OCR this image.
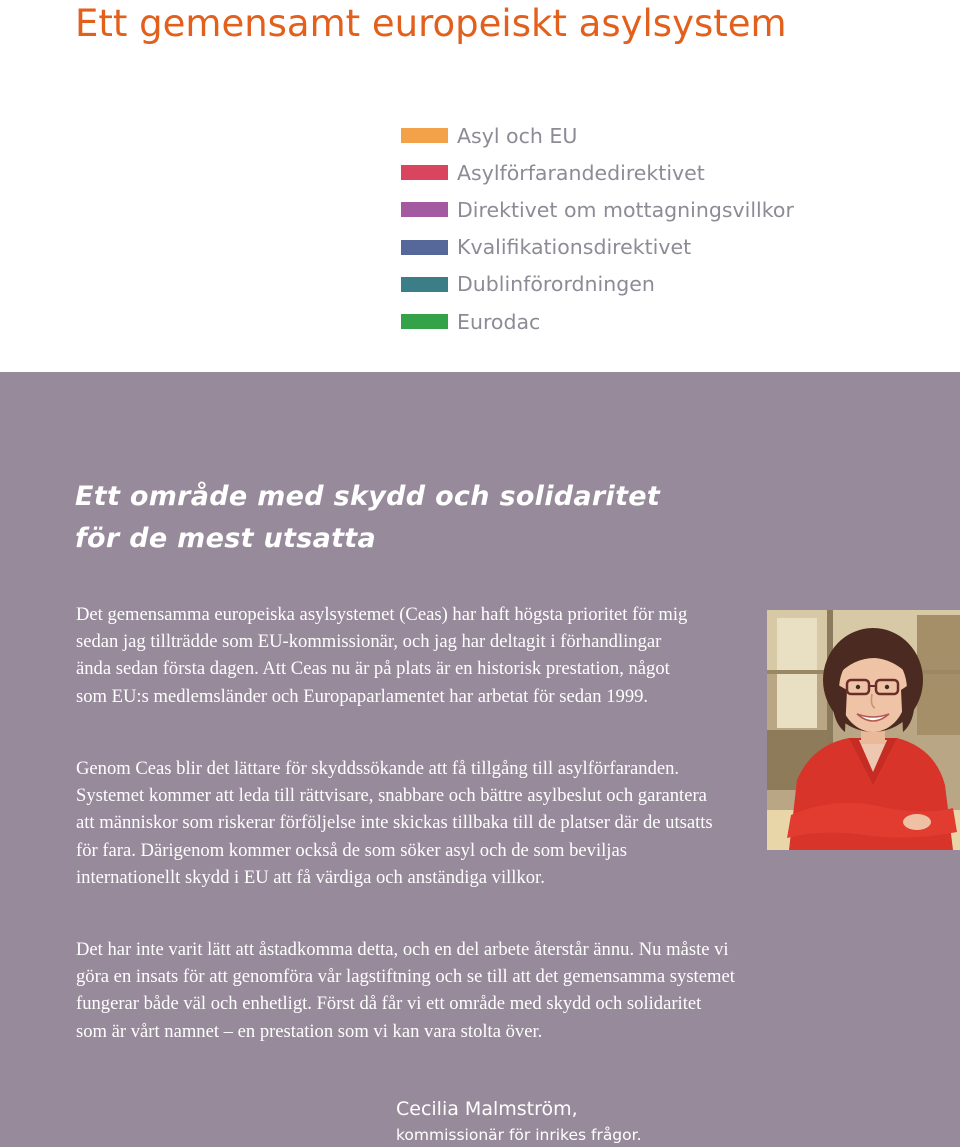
Ett gemensamt europeiskt asylsystem
Asyl och EU
Asylförfarandedirektivet
Direktivet om mottagningsvillkor
Kvalifikationsdirektivet
Dublinförordningen
Eurodac
Ett område med skydd och solidaritet
för de mest utsatta

Det gemensamma europeiska asylsystemet (Ceas) har haft högsta prioritet för mig sedan jag tillträdde som EU-kommissionär, och jag har deltagit i förhandlingar ända sedan första dagen. Att Ceas nu är på plats är en historisk prestation, något som EU:s medlemsländer och Europaparlamentet har arbetat för sedan 1999.

Genom Ceas blir det lättare för skyddssökande att få tillgång till asylförfaranden. Systemet kommer att leda till rättvisare, snabbare och bättre asylbeslut och garantera att människor som riskerar förföljelse inte skickas tillbaka till de platser där de utsatts för fara. Därigenom kommer också de som söker asyl och de som beviljas internationellt skydd i EU att få värdiga och anständiga villkor.

Det har inte varit lätt att åstadkomma detta, och en del arbete återstår ännu. Nu måste vi göra en insats för att genomföra vår lagstiftning och se till att det gemensamma systemet fungerar både väl och enhetligt. Först då får vi ett område med skydd och solidaritet som är vårt namnet – en prestation som vi kan vara stolta över.

Cecilia Malmström,
kommissionär för inrikes frågor.
